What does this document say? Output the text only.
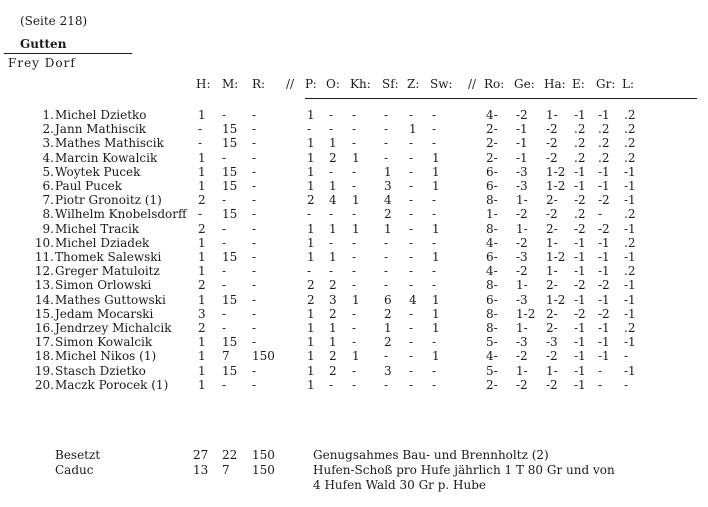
(Seite 218)
Gutten
Frey Dorf
H: M: R: // P: O: Kh: Sf: Z: Sw: // Ro: Ge: Ha: E: Gr: L:
1. Michel Dzietko	1 - -	1 - - - - -	4- -2 1- -1 -1 .2
2. Jann Mathiscik	- 15 -	- - - - 1 -	2- -1 -2 .2 .2 .2
3. Mathes Mathiscik	- 15 -	1 1 - - - -	2- -1 -2 .2 .2 .2
4. Marcin Kowalcik	1 - -	1 2 1 - - 1	2- -1 -2 .2 .2 .2
5. Woytek Pucek	1 15 -	1 - - 1 - 1	6- -3 1-2 -1 -1 -1
6. Paul Pucek	1 15 -	1 1 - 3 - 1	6- -3 1-2 -1 -1 -1
7. Piotr Gronoitz (1)	2 - -	2 4 1 4 - -	8- 1- 2- -2 -2 -1
8. Wilhelm Knobelsdorff - 15 -	- - - 2 - -	1- -2 -2 .2 - .2
9. Michel Tracik	2 - -	1 1 1 1 - 1	8- 1- 2- -2 -2 -1
10. Michel Dziadek	1 - -	1 - - - - -	4- -2 1- -1 -1 .2
11. Thomek Salewski	1 15 -	1 1 - - - 1	6- -3 1-2 -1 -1 -1
12. Greger Matuloitz	1 - -	- - - - - -	4- -2 1- -1 -1 .2
13. Simon Orlowski	2 - -	2 2 - - - -	8- 1- 2- -2 -2 -1
14. Mathes Guttowski	1 15 -	2 3 1 6 4 1	6- -3 1-2 -1 -1 -1
15. Jedam Mocarski	3 - -	1 2 - 2 - 1	8- 1-2 2- -2 -2 -1
16. Jendrzey Michalcik 2 - -	1 1 - 1 - 1	8- 1- 2- -1 -1 .2
17. Simon Kowalcik	1 15 -	1 1 - 2 - -	5- -3 -3 -1 -1 -1
18. Michel Nikos (1)	1 7 150	1 2 1 - - 1	4- -2 -2 -1 -1 -
19. Stasch Dzietko	1 15 -	1 2 - 3 - -	5- 1- 1- -1 - -1
20. Maczk Porocek (1) 1 - -	1 - - - - -	2- -2 -2 -1 - -
Besetzt	27 22 150	Genugsahmes Bau- und Brennholtz (2)
Caduc	13 7 150	Hufen-Schoß pro Hufe jährlich 1 T 80 Gr und von
4 Hufen Wald 30 Gr p. Hube
